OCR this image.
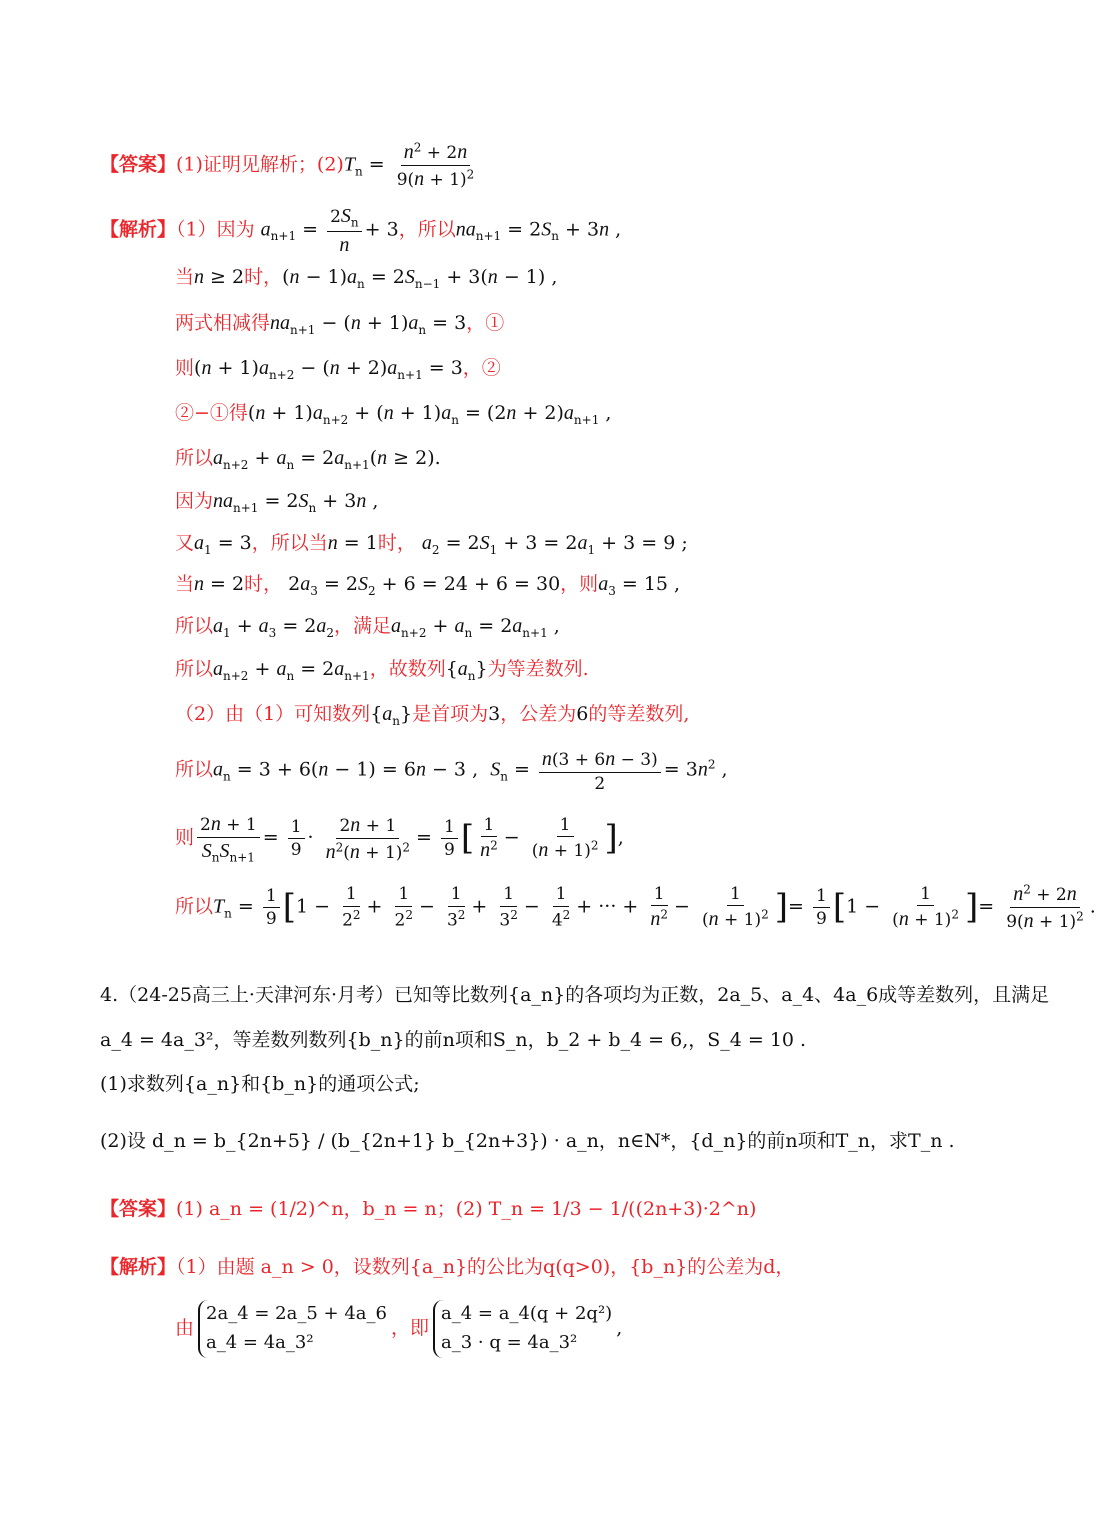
【答案】(1)证明见解析；$(2)T_n = \frac{n^2 + 2n}{9(n + 1)^2}$
【解析】（1）因为 $a_{n+1} = \frac{2S_n}{n} + 3$，所以$na_{n+1} = 2S_n + 3n$ ,
当n ≥ 2时，$(n - 1)a_n = 2S_{n-1} + 3(n - 1)$ ,
两式相减得$na_{n+1} - (n + 1)a_n = 3$，①
则$(n + 1)a_{n+2} - (n + 2)a_{n+1} = 3$，②
②−①得$(n + 1)a_{n+2} + (n + 1)a_n = (2n + 2)a_{n+1}$ ,
所以$a_{n+2} + a_n = 2a_{n+1}(n \ge 2)$.
因为$na_{n+1} = 2S_n + 3n$ ,
又$a_1 = 3$，所以当n = 1时， $a_2 = 2S_1 + 3 = 2a_1 + 3 = 9$ ;
当n = 2时， $2a_3 = 2S_2 + 6 = 24 + 6 = 30$，则$a_3 = 15$ ,
所以$a_1 + a_3 = 2a_2$，满足$a_{n+2} + a_n = 2a_{n+1}$ ,
所以$a_{n+2} + a_n = 2a_{n+1}$，故数列$\{a_n\}$为等差数列.
（2）由（1）可知数列$\{a_n\}$是首项为3，公差为6的等差数列,
所以$a_n = 3 + 6(n - 1) = 6n - 3$ ,  $S_n = \frac{n(3 + 6n - 3)}{2} = 3n^2$ ,
则 $\frac{2n + 1}{S_nS_{n+1}} = \frac{1}{9} \cdot \frac{2n + 1}{n^2(n + 1)^2} = \frac{1}{9}$ [ $\frac{1}{n^2} - \frac{1}{(n + 1)^2}$ ],
所以$T_n = \frac{1}{9} [1 - \frac{1}{2^2} + \frac{1}{2^2} - \frac{1}{3^2} + \frac{1}{3^2} - \frac{1}{4^2}$ + ··· + $\frac{1}{n^2} - \frac{1}{(n + 1)^2}$ ]= $\frac{1}{9} [1 - \frac{1}{(n + 1)^2}$ ]= $\frac{n^2 + 2n}{9(n + 1)^2}$ .
4.（24-25高三上·天津河东·月考）已知等比数列{a_n}的各项均为正数，2a_5、a_4、4a_6成等差数列，且满足
a_4 = 4a_3²，等差数列数列{b_n}的前n项和S_n，b_2 + b_4 = 6,，S_4 = 10 .
(1)求数列{a_n}和{b_n}的通项公式;
(2)设 d_n = b_{2n+5} / (b_{2n+1} b_{2n+3}) · a_n，n∈N*，{d_n}的前n项和T_n，求T_n .
【答案】(1) a_n = (1/2)^n，b_n = n；(2) T_n = 1/3 − 1/((2n+3)·2^n)
【解析】（1）由题 a_n > 0，设数列{a_n}的公比为q(q>0)，{b_n}的公差为d，
由
2a_4 = 2a_5 + 4a_6
a_4 = 4a_3²
，即
a_4 = a_4(q + 2q²)
a_3 · q = 4a_3²
,
